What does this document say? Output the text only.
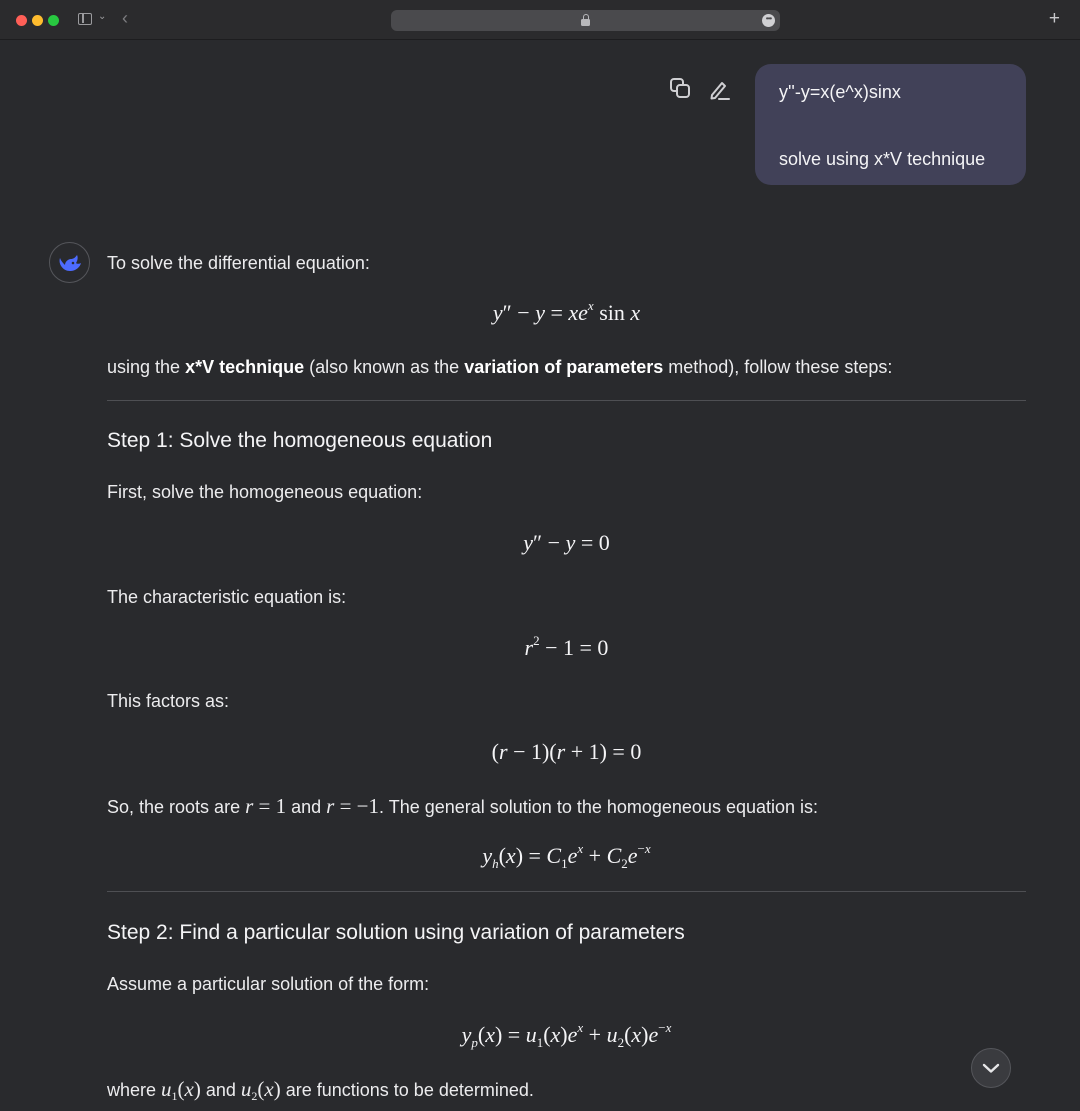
⌄ ‹	•••	+

y''-y=x(e^x)sinx

solve using x*V technique

To solve the differential equation:
$y'' - y = xe^x$ sin x
using the x*V technique (also known as the variation of parameters method), follow these steps:
Step 1: Solve the homogeneous equation
First, solve the homogeneous equation:
y″ − y = 0
The characteristic equation is:
$r^2 - 1 = 0$
This factors as:
(r − 1)(r + 1) = 0
So, the roots are r = 1 and r = −1. The general solution to the homogeneous equation is:
$y_h(x) = C_1e^x + C_2e^{-x}$
Step 2: Find a particular solution using variation of parameters
Assume a particular solution of the form:
$y_p(x) = u_1(x)e^x + u_2(x)e^{-x}$
where $u_1(x)$ and $u_2(x)$ are functions to be determined.
